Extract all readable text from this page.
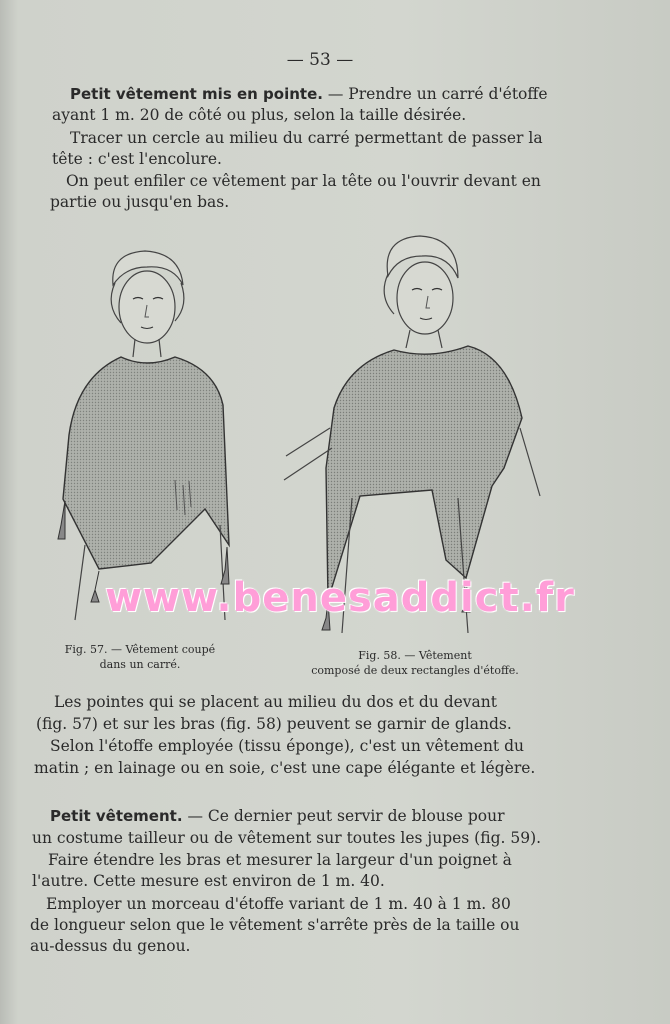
— 53 —
Petit vêtement mis en pointe. — Prendre un carré d'étoffe
ayant 1 m. 20 de côté ou plus, selon la taille désirée.
Tracer un cercle au milieu du carré permettant de passer la
tête : c'est l'encolure.
On peut enfiler ce vêtement par la tête ou l'ouvrir devant en
partie ou jusqu'en bas.
Fig. 57. — Vêtement coupé
dans un carré.
Fig. 58. — Vêtement
composé de deux rectangles d'étoffe.
www.benesaddict.fr
Les pointes qui se placent au milieu du dos et du devant
(fig. 57) et sur les bras (fig. 58) peuvent se garnir de glands.
Selon l'étoffe employée (tissu éponge), c'est un vêtement du
matin ; en lainage ou en soie, c'est une cape élégante et légère.
Petit vêtement. — Ce dernier peut servir de blouse pour
un costume tailleur ou de vêtement sur toutes les jupes (fig. 59).
Faire étendre les bras et mesurer la largeur d'un poignet à
l'autre. Cette mesure est environ de 1 m. 40.
Employer un morceau d'étoffe variant de 1 m. 40 à 1 m. 80
de longueur selon que le vêtement s'arrête près de la taille ou
au-dessus du genou.
